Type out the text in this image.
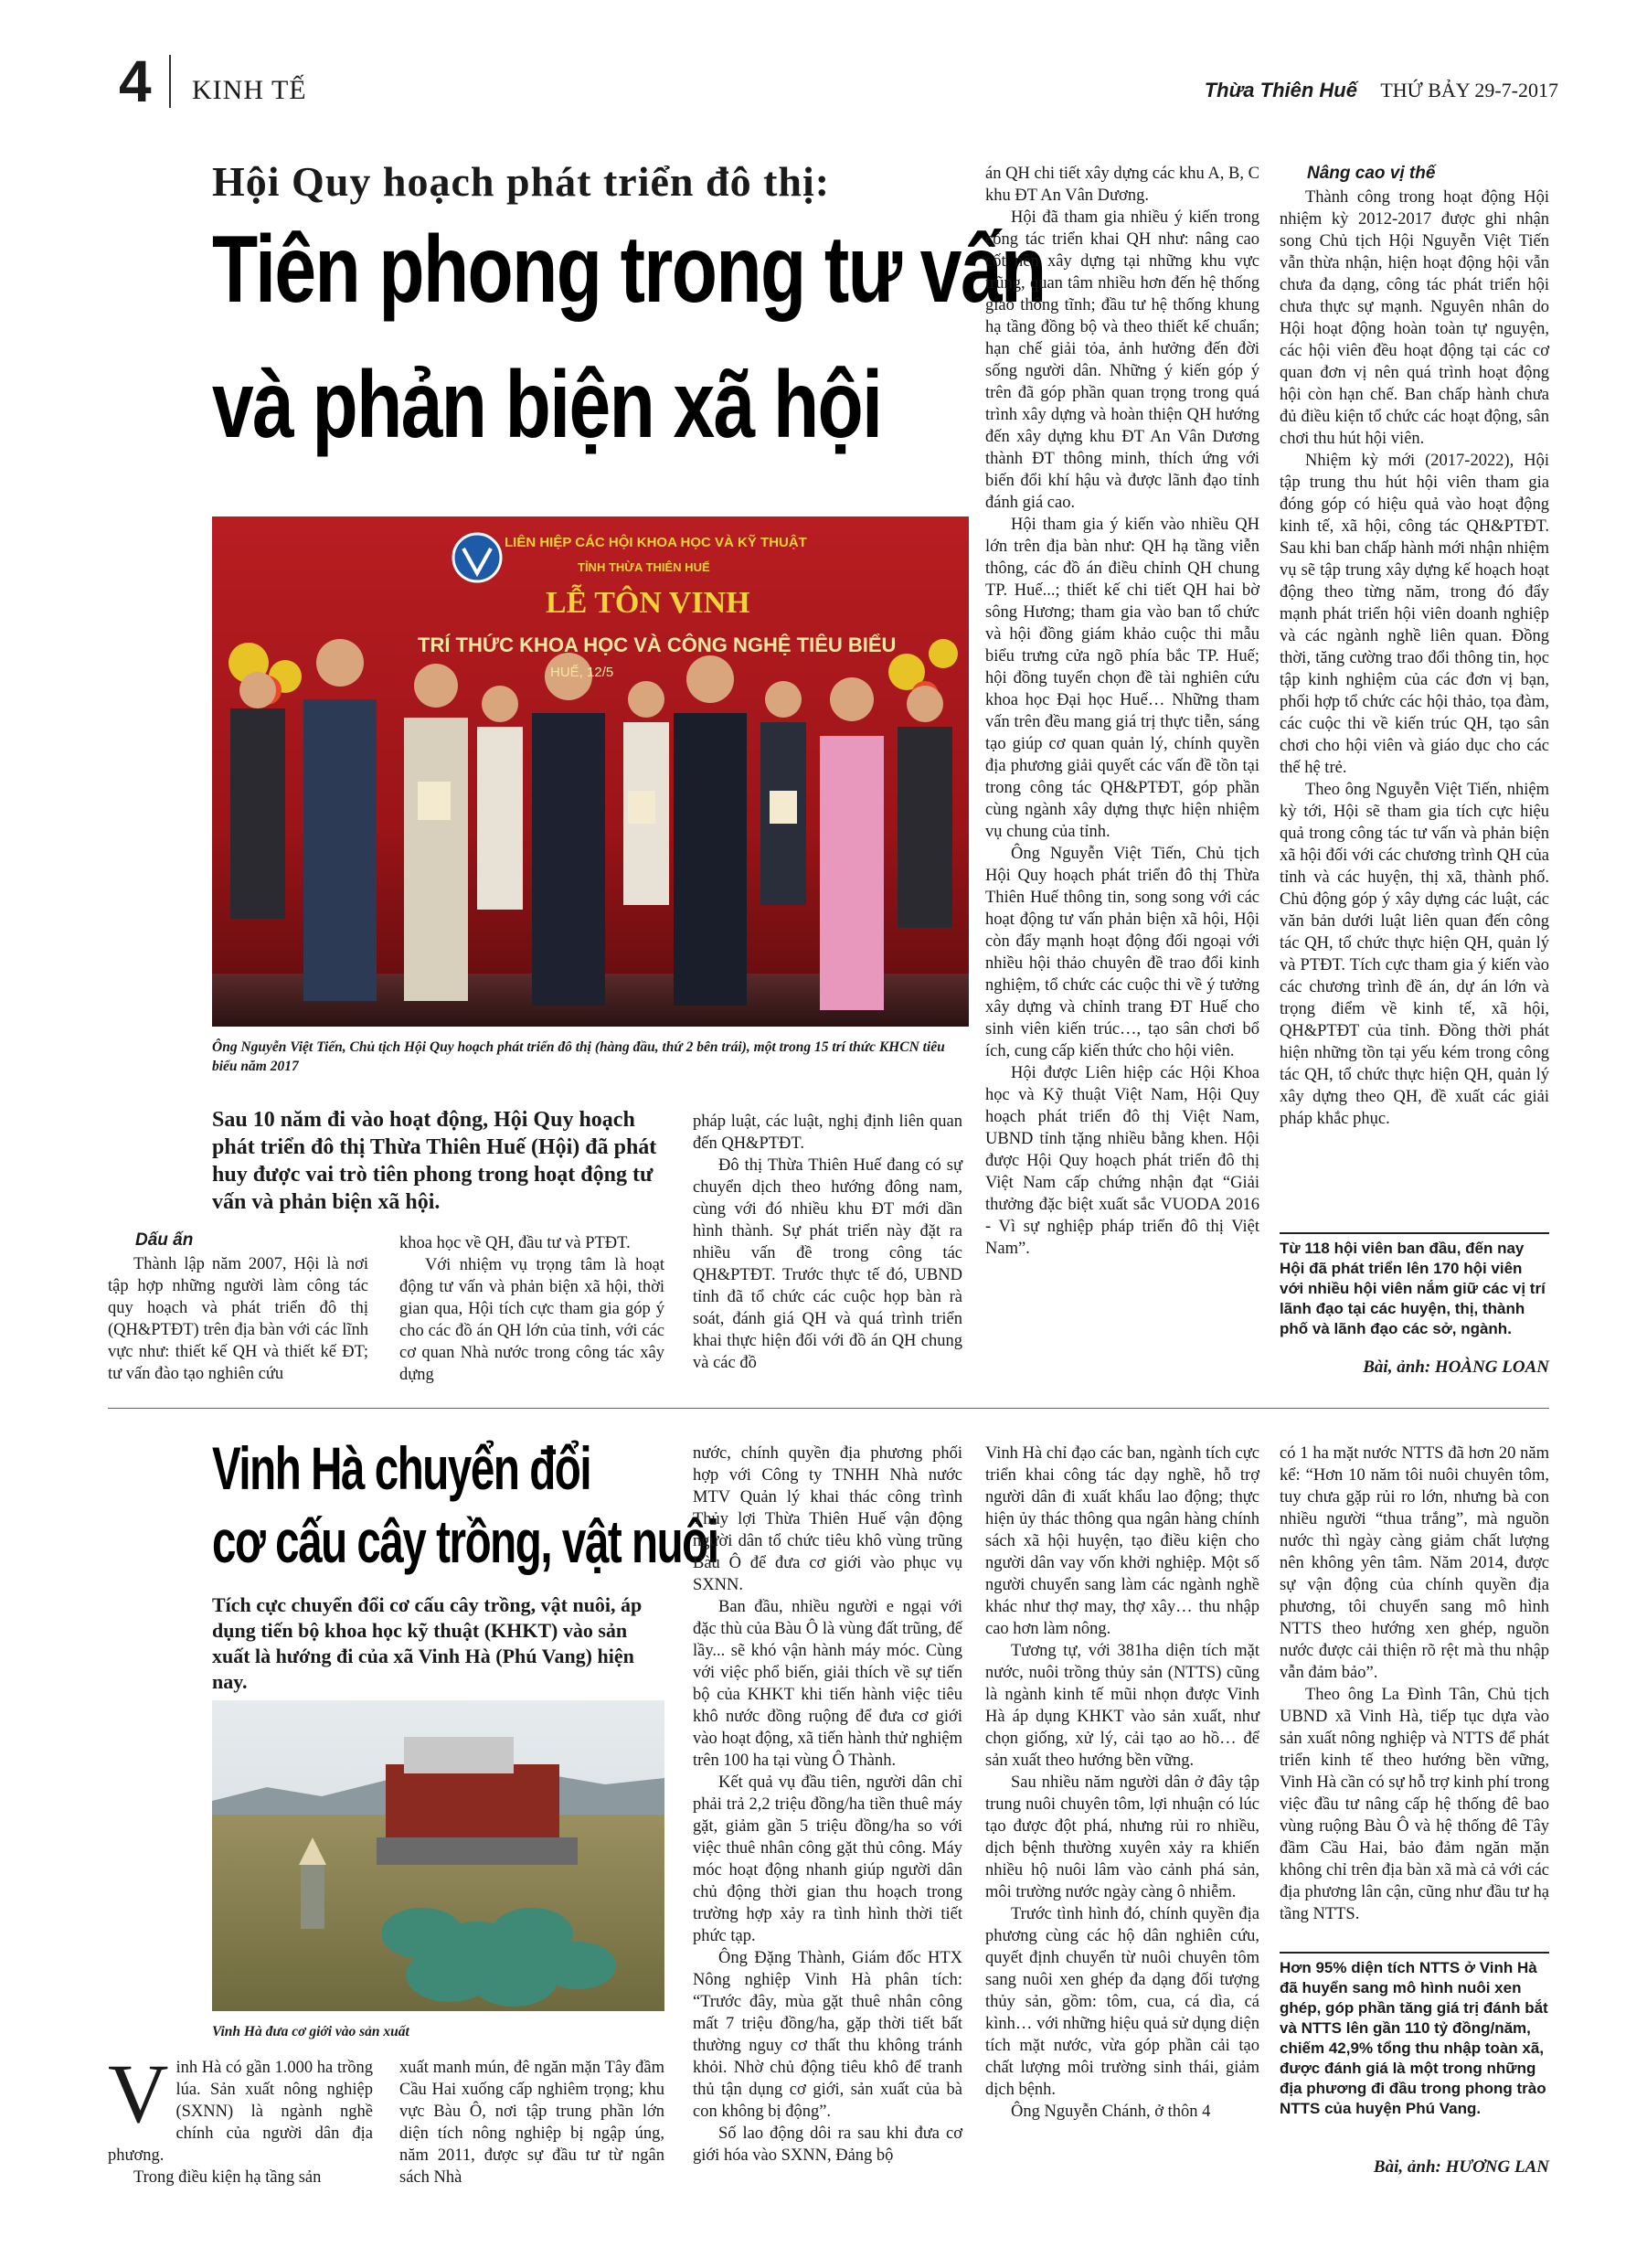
4 KINH TẾ	Thừa Thiên Huế THỨ BẢY 29-7-2017
Hội Quy hoạch phát triển đô thị:
Tiên phong trong tư vấn
và phản biện xã hội
LIÊN HIỆP CÁC HỘI KHOA HỌC VÀ KỸ THUẬT
TỈNH THỪA THIÊN HUẾ
LỄ TÔN VINH
TRÍ THỨC KHOA HỌC VÀ CÔNG NGHỆ TIÊU BIỂU
HUẾ, 12/5
Ông Nguyễn Việt Tiến, Chủ tịch Hội Quy hoạch phát triển đô thị (hàng đầu, thứ 2 bên trái), một trong 15 trí thức KHCN tiêu biểu năm 2017
Sau 10 năm đi vào hoạt động, Hội Quy hoạch phát triển đô thị Thừa Thiên Huế (Hội) đã phát huy được vai trò tiên phong trong hoạt động tư vấn và phản biện xã hội.
Dấu ấn

Thành lập năm 2007, Hội là nơi tập hợp những người làm công tác quy hoạch và phát triển đô thị (QH&PTĐT) trên địa bàn với các lĩnh vực như: thiết kế QH và thiết kế ĐT; tư vấn đào tạo nghiên cứu

khoa học về QH, đầu tư và PTĐT.

Với nhiệm vụ trọng tâm là hoạt động tư vấn và phản biện xã hội, thời gian qua, Hội tích cực tham gia góp ý cho các đồ án QH lớn của tỉnh, với các cơ quan Nhà nước trong công tác xây dựng

pháp luật, các luật, nghị định liên quan đến QH&PTĐT.

Đô thị Thừa Thiên Huế đang có sự chuyển dịch theo hướng đông nam, cùng với đó nhiều khu ĐT mới dần hình thành. Sự phát triển này đặt ra nhiều vấn đề trong công tác QH&PTĐT. Trước thực tế đó, UBND tỉnh đã tổ chức các cuộc họp bàn rà soát, đánh giá QH và quá trình triển khai thực hiện đối với đồ án QH chung và các đồ

án QH chi tiết xây dựng các khu A, B, C khu ĐT An Vân Dương.

Hội đã tham gia nhiều ý kiến trong công tác triển khai QH như: nâng cao cốt nền xây dựng tại những khu vực trũng, quan tâm nhiều hơn đến hệ thống giao thông tĩnh; đầu tư hệ thống khung hạ tầng đồng bộ và theo thiết kế chuẩn; hạn chế giải tỏa, ảnh hưởng đến đời sống người dân. Những ý kiến góp ý trên đã góp phần quan trọng trong quá trình xây dựng và hoàn thiện QH hướng đến xây dựng khu ĐT An Vân Dương thành ĐT thông minh, thích ứng với biến đổi khí hậu và được lãnh đạo tỉnh đánh giá cao.

Hội tham gia ý kiến vào nhiều QH lớn trên địa bàn như: QH hạ tầng viễn thông, các đồ án điều chỉnh QH chung TP. Huế...; thiết kế chi tiết QH hai bờ sông Hương; tham gia vào ban tổ chức và hội đồng giám khảo cuộc thi mẫu biểu trưng cửa ngõ phía bắc TP. Huế; hội đồng tuyển chọn đề tài nghiên cứu khoa học Đại học Huế… Những tham vấn trên đều mang giá trị thực tiễn, sáng tạo giúp cơ quan quản lý, chính quyền địa phương giải quyết các vấn đề tồn tại trong công tác QH&PTĐT, góp phần cùng ngành xây dựng thực hiện nhiệm vụ chung của tỉnh.

Ông Nguyễn Việt Tiến, Chủ tịch Hội Quy hoạch phát triển đô thị Thừa Thiên Huế thông tin, song song với các hoạt động tư vấn phản biện xã hội, Hội còn đẩy mạnh hoạt động đối ngoại với nhiều hội thảo chuyên đề trao đổi kinh nghiệm, tổ chức các cuộc thi về ý tưởng xây dựng và chỉnh trang ĐT Huế cho sinh viên kiến trúc…, tạo sân chơi bổ ích, cung cấp kiến thức cho hội viên.

Hội được Liên hiệp các Hội Khoa học và Kỹ thuật Việt Nam, Hội Quy hoạch phát triển đô thị Việt Nam, UBND tỉnh tặng nhiều bằng khen. Hội được Hội Quy hoạch phát triển đô thị Việt Nam cấp chứng nhận đạt “Giải thưởng đặc biệt xuất sắc VUODA 2016 - Vì sự nghiệp pháp triển đô thị Việt Nam”.

Nâng cao vị thế

Thành công trong hoạt động Hội nhiệm kỳ 2012-2017 được ghi nhận song Chủ tịch Hội Nguyễn Việt Tiến vẫn thừa nhận, hiện hoạt động hội vẫn chưa đa dạng, công tác phát triển hội chưa thực sự mạnh. Nguyên nhân do Hội hoạt động hoàn toàn tự nguyện, các hội viên đều hoạt động tại các cơ quan đơn vị nên quá trình hoạt động hội còn hạn chế. Ban chấp hành chưa đủ điều kiện tổ chức các hoạt động, sân chơi thu hút hội viên.

Nhiệm kỳ mới (2017-2022), Hội tập trung thu hút hội viên tham gia đóng góp có hiệu quả vào hoạt động kinh tế, xã hội, công tác QH&PTĐT. Sau khi ban chấp hành mới nhận nhiệm vụ sẽ tập trung xây dựng kế hoạch hoạt động theo từng năm, trong đó đẩy mạnh phát triển hội viên doanh nghiệp và các ngành nghề liên quan. Đồng thời, tăng cường trao đổi thông tin, học tập kinh nghiệm của các đơn vị bạn, phối hợp tổ chức các hội thảo, tọa đàm, các cuộc thi về kiến trúc QH, tạo sân chơi cho hội viên và giáo dục cho các thế hệ trẻ.

Theo ông Nguyễn Việt Tiến, nhiệm kỳ tới, Hội sẽ tham gia tích cực hiệu quả trong công tác tư vấn và phản biện xã hội đối với các chương trình QH của tỉnh và các huyện, thị xã, thành phố. Chủ động góp ý xây dựng các luật, các văn bản dưới luật liên quan đến công tác QH, tổ chức thực hiện QH, quản lý và PTĐT. Tích cực tham gia ý kiến vào các chương trình đề án, dự án lớn và trọng điểm về kinh tế, xã hội, QH&PTĐT của tỉnh. Đồng thời phát hiện những tồn tại yếu kém trong công tác QH, tổ chức thực hiện QH, quản lý xây dựng theo QH, đề xuất các giải pháp khắc phục.

Từ 118 hội viên ban đầu, đến nay Hội đã phát triển lên 170 hội viên với nhiều hội viên nắm giữ các vị trí lãnh đạo tại các huyện, thị, thành phố và lãnh đạo các sở, ngành.
Bài, ảnh: HOÀNG LOAN
Vinh Hà chuyển đổi
cơ cấu cây trồng, vật nuôi
Tích cực chuyển đổi cơ cấu cây trồng, vật nuôi, áp dụng tiến bộ khoa học kỹ thuật (KHKT) vào sản xuất là hướng đi của xã Vinh Hà (Phú Vang) hiện nay.
Vinh Hà đưa cơ giới vào sản xuất
V inh Hà có gần 1.000 ha trồng lúa. Sản xuất nông nghiệp (SXNN) là ngành nghề chính của người dân địa phương.

Trong điều kiện hạ tầng sản

xuất manh mún, đê ngăn mặn Tây đầm Cầu Hai xuống cấp nghiêm trọng; khu vực Bàu Ô, nơi tập trung phần lớn diện tích nông nghiệp bị ngập úng, năm 2011, được sự đầu tư từ ngân sách Nhà

nước, chính quyền địa phương phối hợp với Công ty TNHH Nhà nước MTV Quản lý khai thác công trình Thủy lợi Thừa Thiên Huế vận động người dân tổ chức tiêu khô vùng trũng Bàu Ô để đưa cơ giới vào phục vụ SXNN.

Ban đầu, nhiều người e ngại với đặc thù của Bàu Ô là vùng đất trũng, đế lầy... sẽ khó vận hành máy móc. Cùng với việc phổ biến, giải thích về sự tiến bộ của KHKT khi tiến hành việc tiêu khô nước đồng ruộng để đưa cơ giới vào hoạt động, xã tiến hành thử nghiệm trên 100 ha tại vùng Ô Thành.

Kết quả vụ đầu tiên, người dân chỉ phải trả 2,2 triệu đồng/ha tiền thuê máy gặt, giảm gần 5 triệu đồng/ha so với việc thuê nhân công gặt thủ công. Máy móc hoạt động nhanh giúp người dân chủ động thời gian thu hoạch trong trường hợp xảy ra tình hình thời tiết phức tạp.

Ông Đặng Thành, Giám đốc HTX Nông nghiệp Vinh Hà phân tích: “Trước đây, mùa gặt thuê nhân công mất 7 triệu đồng/ha, gặp thời tiết bất thường nguy cơ thất thu không tránh khỏi. Nhờ chủ động tiêu khô để tranh thủ tận dụng cơ giới, sản xuất của bà con không bị động”.

Số lao động dôi ra sau khi đưa cơ giới hóa vào SXNN, Đảng bộ

Vinh Hà chỉ đạo các ban, ngành tích cực triển khai công tác dạy nghề, hỗ trợ người dân đi xuất khẩu lao động; thực hiện ủy thác thông qua ngân hàng chính sách xã hội huyện, tạo điều kiện cho người dân vay vốn khởi nghiệp. Một số người chuyển sang làm các ngành nghề khác như thợ may, thợ xây… thu nhập cao hơn làm nông.

Tương tự, với 381ha diện tích mặt nước, nuôi trồng thủy sản (NTTS) cũng là ngành kinh tế mũi nhọn được Vinh Hà áp dụng KHKT vào sản xuất, như chọn giống, xử lý, cải tạo ao hồ… để sản xuất theo hướng bền vững.

Sau nhiều năm người dân ở đây tập trung nuôi chuyên tôm, lợi nhuận có lúc tạo được đột phá, nhưng rủi ro nhiều, dịch bệnh thường xuyên xảy ra khiến nhiều hộ nuôi lâm vào cảnh phá sản, môi trường nước ngày càng ô nhiễm.

Trước tình hình đó, chính quyền địa phương cùng các hộ dân nghiên cứu, quyết định chuyển từ nuôi chuyên tôm sang nuôi xen ghép đa dạng đối tượng thủy sản, gồm: tôm, cua, cá dìa, cá kình… với những hiệu quả sử dụng diện tích mặt nước, vừa góp phần cải tạo chất lượng môi trường sinh thái, giảm dịch bệnh.

Ông Nguyễn Chánh, ở thôn 4

có 1 ha mặt nước NTTS đã hơn 20 năm kể: “Hơn 10 năm tôi nuôi chuyên tôm, tuy chưa gặp rủi ro lớn, nhưng bà con nhiều người “thua trắng”, mà nguồn nước thì ngày càng giảm chất lượng nên không yên tâm. Năm 2014, được sự vận động của chính quyền địa phương, tôi chuyển sang mô hình NTTS theo hướng xen ghép, nguồn nước được cải thiện rõ rệt mà thu nhập vẫn đảm bảo”.

Theo ông La Đình Tân, Chủ tịch UBND xã Vinh Hà, tiếp tục dựa vào sản xuất nông nghiệp và NTTS để phát triển kinh tế theo hướng bền vững, Vinh Hà cần có sự hỗ trợ kinh phí trong việc đầu tư nâng cấp hệ thống đê bao vùng ruộng Bàu Ô và hệ thống đê Tây đầm Cầu Hai, bảo đảm ngăn mặn không chỉ trên địa bàn xã mà cả với các địa phương lân cận, cũng như đầu tư hạ tầng NTTS.

Hơn 95% diện tích NTTS ở Vinh Hà đã huyển sang mô hình nuôi xen ghép, góp phần tăng giá trị đánh bắt và NTTS lên gần 110 tỷ đồng/năm, chiếm 42,9% tổng thu nhập toàn xã, được đánh giá là một trong những địa phương đi đầu trong phong trào NTTS của huyện Phú Vang.
Bài, ảnh: HƯƠNG LAN
